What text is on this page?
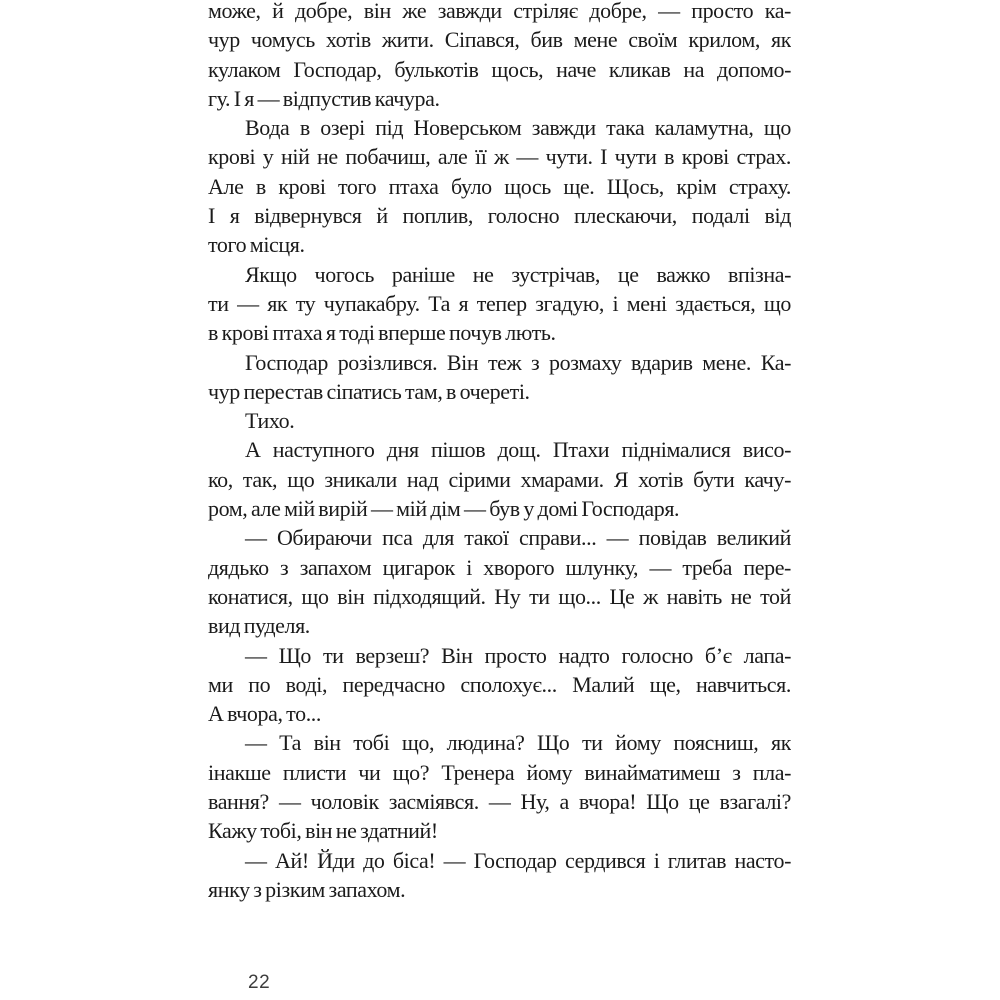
може, й добре, він же завжди стріляє добре, — просто ка-
чур чомусь хотів жити. Сіпався, бив мене своїм крилом, як
кулаком Господар, булькотів щось, наче кликав на допомо-
гу. І я — відпустив качура.

Вода в озері під Новерськом завжди така каламутна, що
крові у ній не побачиш, але її ж — чути. І чути в крові страх.
Але в крові того птаха було щось ще. Щось, крім страху.
І я відвернувся й поплив, голосно плескаючи, подалі від
того місця.

Якщо чогось раніше не зустрічав, це важко впізна-
ти — як ту чупакабру. Та я тепер згадую, і мені здається, що
в крові птаха я тоді вперше почув лють.

Господар розізлився. Він теж з розмаху вдарив мене. Ка-
чур перестав сіпатись там, в очереті.

Тихо.

А наступного дня пішов дощ. Птахи піднімалися висо-
ко, так, що зникали над сірими хмарами. Я хотів бути качу-
ром, але мій вирій — мій дім — був у домі Господаря.

— Обираючи пса для такої справи... — повідав великий
дядько з запахом цигарок і хворого шлунку, — треба пере-
конатися, що він підходящий. Ну ти що... Це ж навіть не той
вид пуделя.

— Що ти верзеш? Він просто надто голосно б’є лапа-
ми по воді, передчасно сполохує... Малий ще, навчиться.
А вчора, то...

— Та він тобі що, людина? Що ти йому поясниш, як
інакше плисти чи що? Тренера йому винайматимеш з пла-
вання? — чоловік засміявся. — Ну, а вчора! Що це взагалі?
Кажу тобі, він не здатний!

— Ай! Йди до біса! — Господар сердився і глитав насто-
янку з різким запахом.

22
